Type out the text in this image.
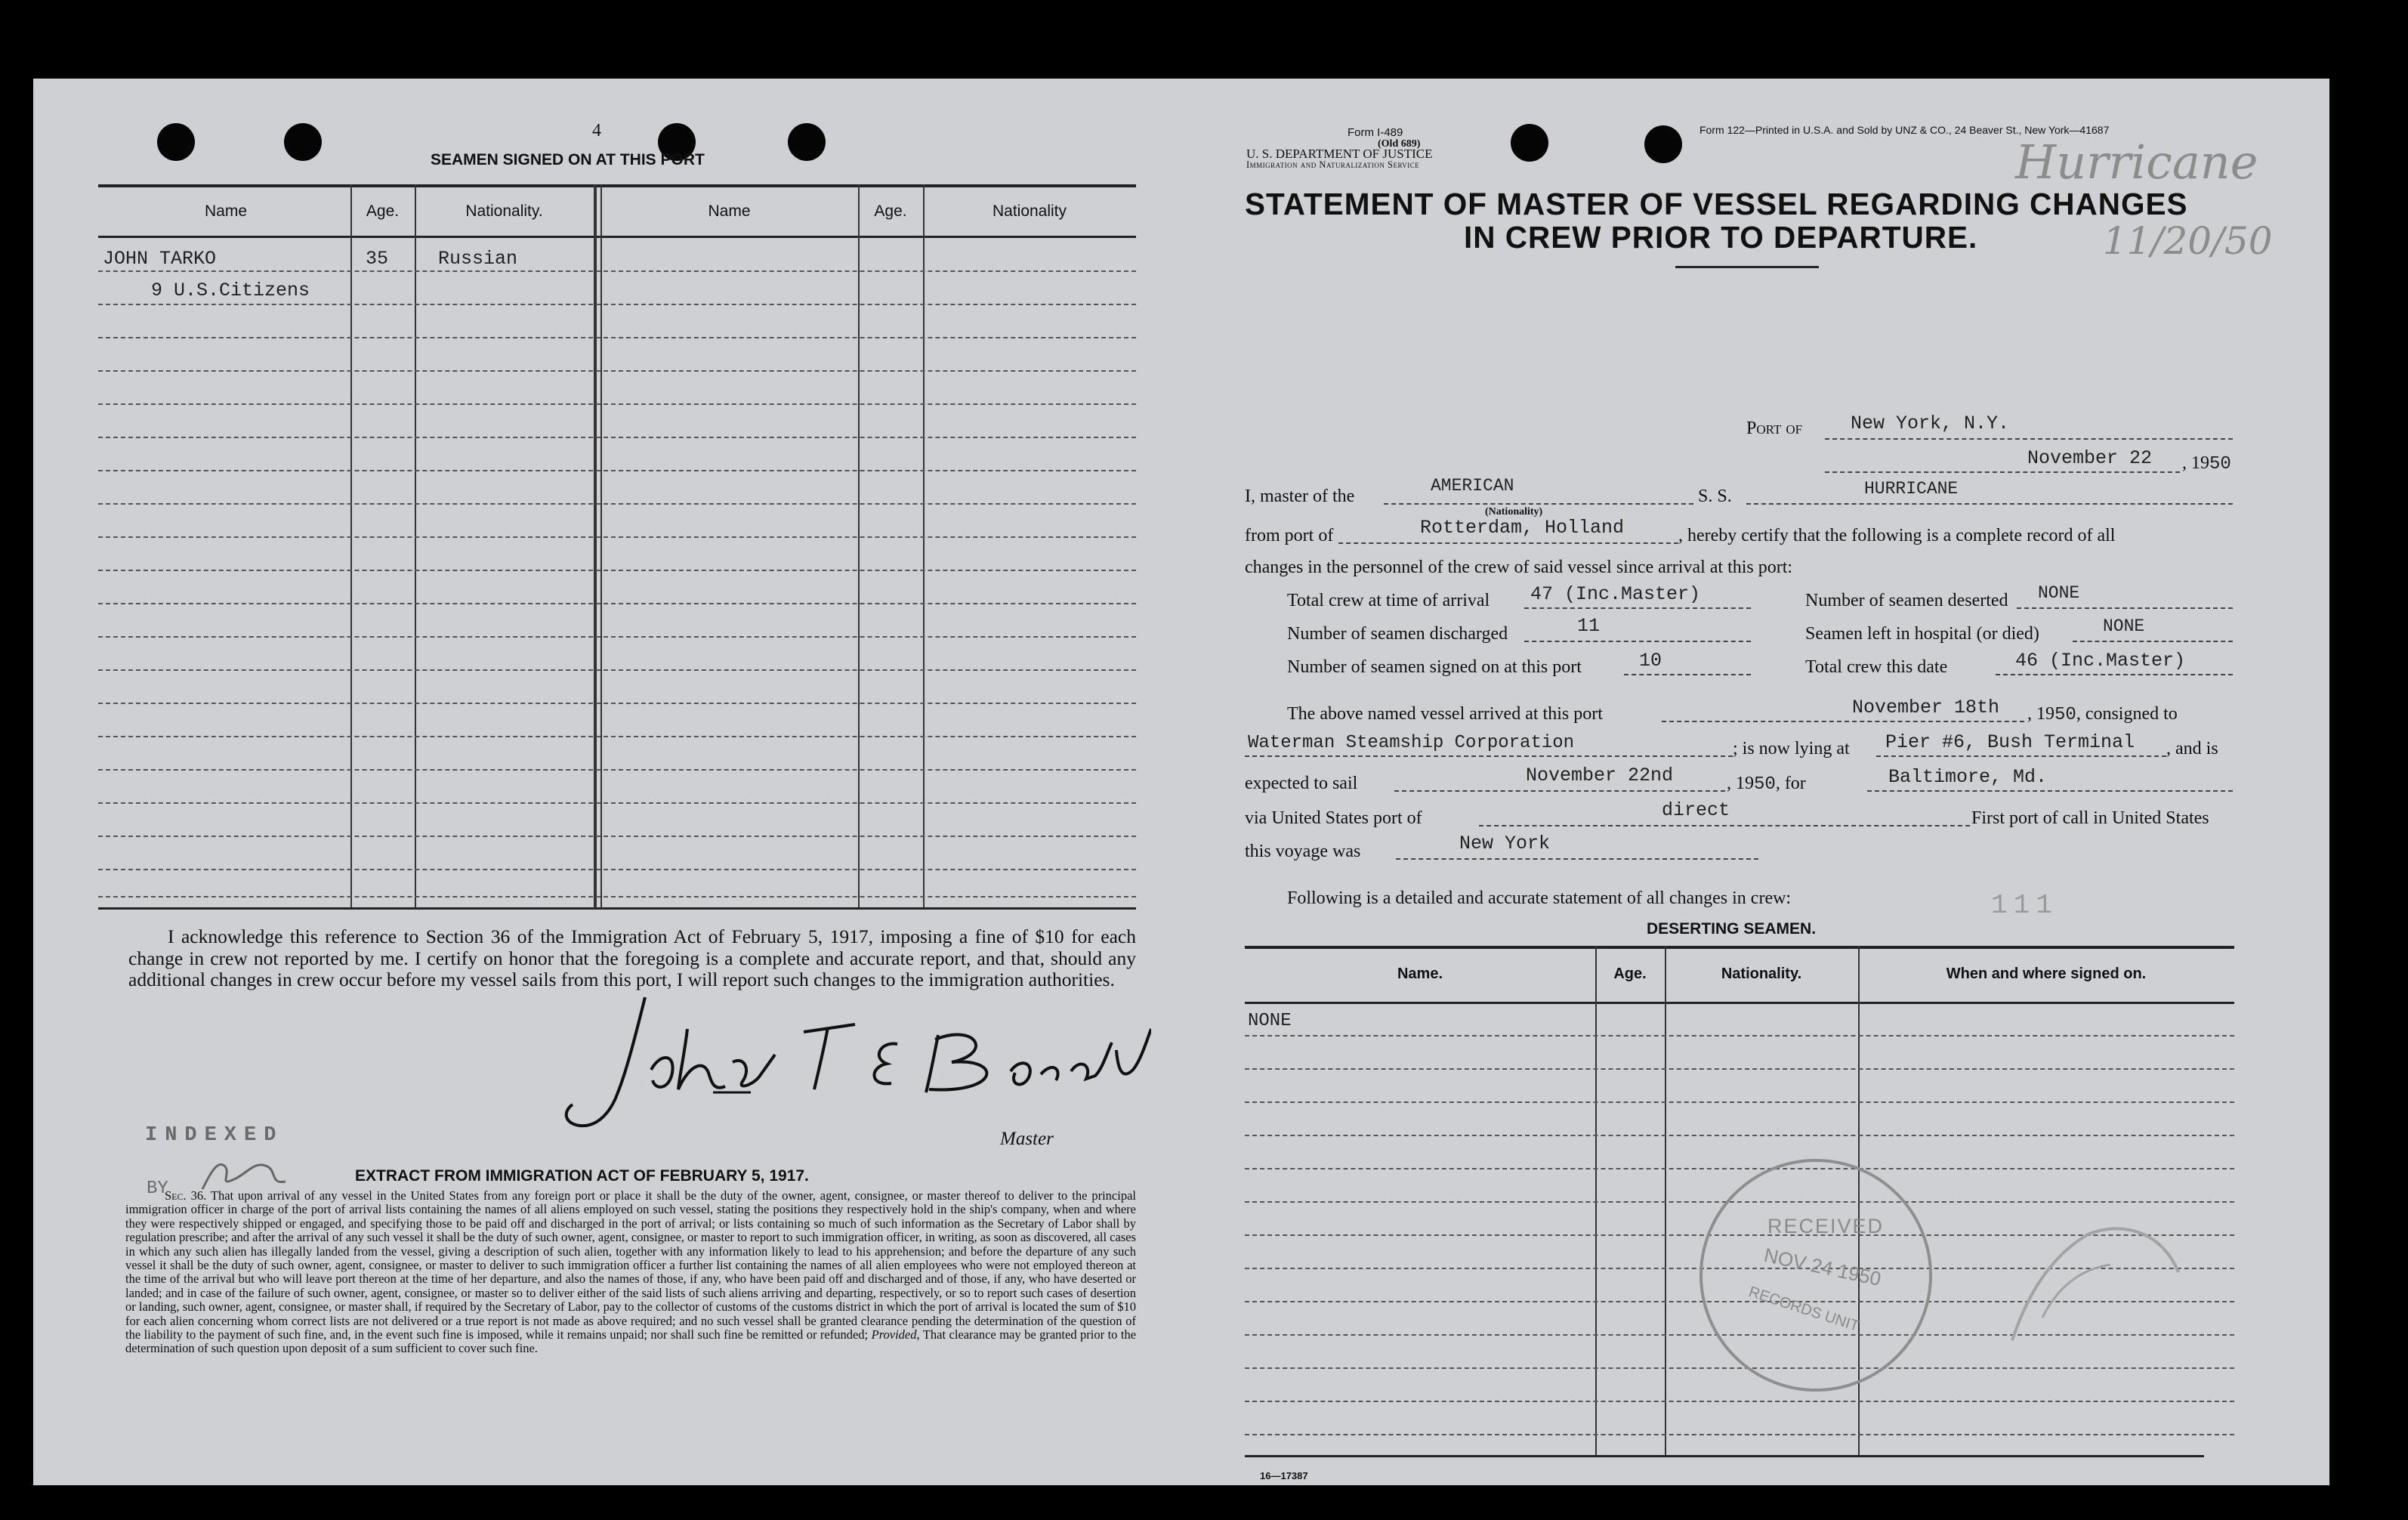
4
SEAMEN SIGNED ON AT THIS PORT
Name	Age.	Nationality.	Name	Age.	Nationality
JOHN TARKO	35	Russian
9 U.S.Citizens
I acknowledge this reference to Section 36 of the Immigration Act of February 5, 1917, imposing a fine of $10 for each change in crew not reported by me. I certify on honor that the foregoing is a complete and accurate report, and that, should any additional changes in crew occur before my vessel sails from this port, I will report such changes to the immigration authorities.
Master
INDEXED
BY
EXTRACT FROM IMMIGRATION ACT OF FEBRUARY 5, 1917.
Sec. 36. That upon arrival of any vessel in the United States from any foreign port or place it shall be the duty of the owner, agent, consignee, or master thereof to deliver to the principal immigration officer in charge of the port of arrival lists containing the names of all aliens employed on such vessel, stating the positions they respectively hold in the ship's company, when and where they were respectively shipped or engaged, and specifying those to be paid off and discharged in the port of arrival; or lists containing so much of such information as the Secretary of Labor shall by regulation prescribe; and after the arrival of any such vessel it shall be the duty of such owner, agent, consignee, or master to report to such immigration officer, in writing, as soon as discovered, all cases in which any such alien has illegally landed from the vessel, giving a description of such alien, together with any information likely to lead to his apprehension; and before the departure of any such vessel it shall be the duty of such owner, agent, consignee, or master to deliver to such immigration officer a further list containing the names of all alien employees who were not employed thereon at the time of the arrival but who will leave port thereon at the time of her departure, and also the names of those, if any, who have been paid off and discharged and of those, if any, who have deserted or landed; and in case of the failure of such owner, agent, consignee, or master so to deliver either of the said lists of such aliens arriving and departing, respectively, or so to report such cases of desertion or landing, such owner, agent, consignee, or master shall, if required by the Secretary of Labor, pay to the collector of customs of the customs district in which the port of arrival is located the sum of $10 for each alien concerning whom correct lists are not delivered or a true report is not made as above required; and no such vessel shall be granted clearance pending the determination of the question of the liability to the payment of such fine, and, in the event such fine is imposed, while it remains unpaid; nor shall such fine be remitted or refunded; Provided, That clearance may be granted prior to the determination of such question upon deposit of a sum sufficient to cover such fine.
Form I-489
(Old 689)
U. S. DEPARTMENT OF JUSTICE
Immigration and Naturalization Service
Form 122—Printed in U.S.A. and Sold by UNZ & CO., 24 Beaver St., New York—41687
Hurricane
11/20/50
STATEMENT OF MASTER OF VESSEL REGARDING CHANGES
IN CREW PRIOR TO DEPARTURE.
Port of	New York, N.Y.
November 22 , 1950
I, master of the
AMERICAN
(Nationality)
S. S.	HURRICANE
from port of	Rotterdam, Holland	, hereby certify that the following is a complete record of all
changes in the personnel of the crew of said vessel since arrival at this port:
Total crew at time of arrival 47 (Inc.Master)	Number of seamen deserted NONE
Number of seamen discharged	11	Seamen left in hospital (or died)	NONE
Number of seamen signed on at this port	10	Total crew this date	46 (Inc.Master)
The above named vessel arrived at this port	November 18th , 1950, consigned to
Waterman Steamship Corporation	; is now lying at Pier #6, Bush Terminal , and is
expected to sail	November 22nd	, 1950, for	Baltimore, Md.
via United States port of	direct	First port of call in United States
this voyage was	New York
Following is a detailed and accurate statement of all changes in crew:	111
DESERTING SEAMEN.
Name.	Age.	Nationality.	When and where signed on.
NONE
RECEIVED
NOV 24 1950
RECORDS UNIT
16—17387
